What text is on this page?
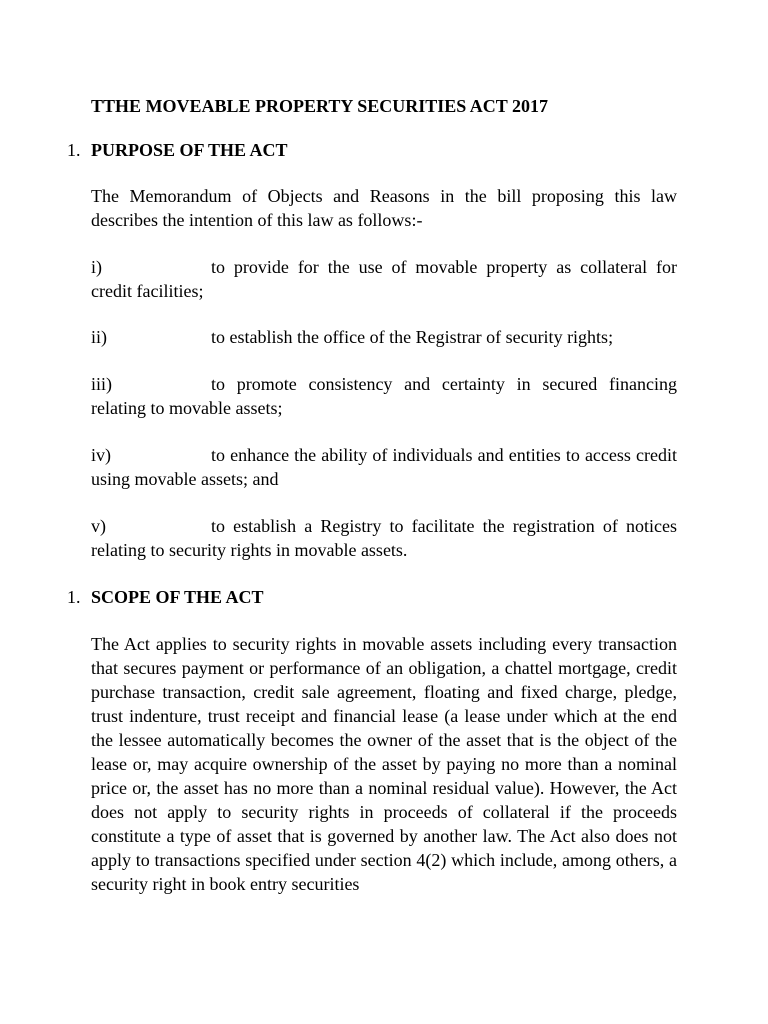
TTHE MOVEABLE PROPERTY SECURITIES ACT 2017
1. PURPOSE OF THE ACT
The Memorandum of Objects and Reasons in the bill proposing this law describes the intention of this law as follows:-
i)	to provide for the use of movable property as collateral for credit facilities;
ii)	to establish the office of the Registrar of security rights;
iii)	to promote consistency and certainty in secured financing relating to movable assets;
iv)	to enhance the ability of individuals and entities to access credit using movable assets; and
v)	to establish a Registry to facilitate the registration of notices relating to security rights in movable assets.
1. SCOPE OF THE ACT
The Act applies to security rights in movable assets including every transaction that secures payment or performance of an obligation, a chattel mortgage, credit purchase transaction, credit sale agreement, floating and fixed charge, pledge, trust indenture, trust receipt and financial lease (a lease under which at the end the lessee automatically becomes the owner of the asset that is the object of the lease or, may acquire ownership of the asset by paying no more than a nominal price or, the asset has no more than a nominal residual value). However, the Act does not apply to security rights in proceeds of collateral if the proceeds constitute a type of asset that is governed by another law. The Act also does not apply to transactions specified under section 4(2) which include, among others, a security right in book entry securities
